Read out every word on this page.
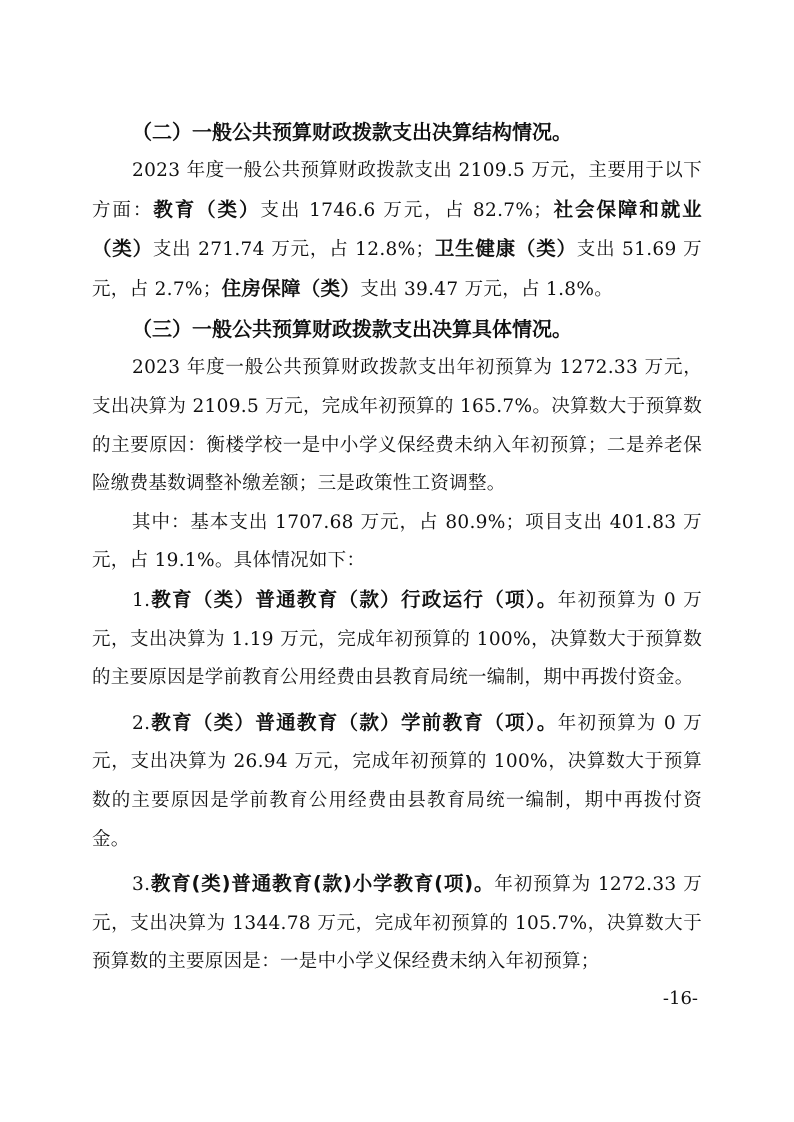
（二）一般公共预算财政拨款支出决算结构情况。

2023 年度一般公共预算财政拨款支出 2109.5 万元，主要用于以下方面：教育（类）支出 1746.6 万元，占 82.7%；社会保障和就业（类）支出 271.74 万元，占 12.8%；卫生健康（类）支出 51.69 万元，占 2.7%；住房保障（类）支出 39.47 万元，占 1.8%。

（三）一般公共预算财政拨款支出决算具体情况。

2023 年度一般公共预算财政拨款支出年初预算为 1272.33 万元，支出决算为 2109.5 万元，完成年初预算的 165.7%。决算数大于预算数的主要原因：衡楼学校一是中小学义保经费未纳入年初预算；二是养老保险缴费基数调整补缴差额；三是政策性工资调整。

其中：基本支出 1707.68 万元，占 80.9%；项目支出 401.83 万元，占 19.1%。具体情况如下：

1.教育（类）普通教育（款）行政运行（项）。年初预算为 0 万元，支出决算为 1.19 万元，完成年初预算的 100%，决算数大于预算数的主要原因是学前教育公用经费由县教育局统一编制，期中再拨付资金。

2.教育（类）普通教育（款）学前教育（项）。年初预算为 0 万元，支出决算为 26.94 万元，完成年初预算的 100%，决算数大于预算数的主要原因是学前教育公用经费由县教育局统一编制，期中再拨付资金。

3.教育(类)普通教育(款)小学教育(项)。年初预算为 1272.33 万元，支出决算为 1344.78 万元，完成年初预算的 105.7%，决算数大于预算数的主要原因是：一是中小学义保经费未纳入年初预算；

-16-
